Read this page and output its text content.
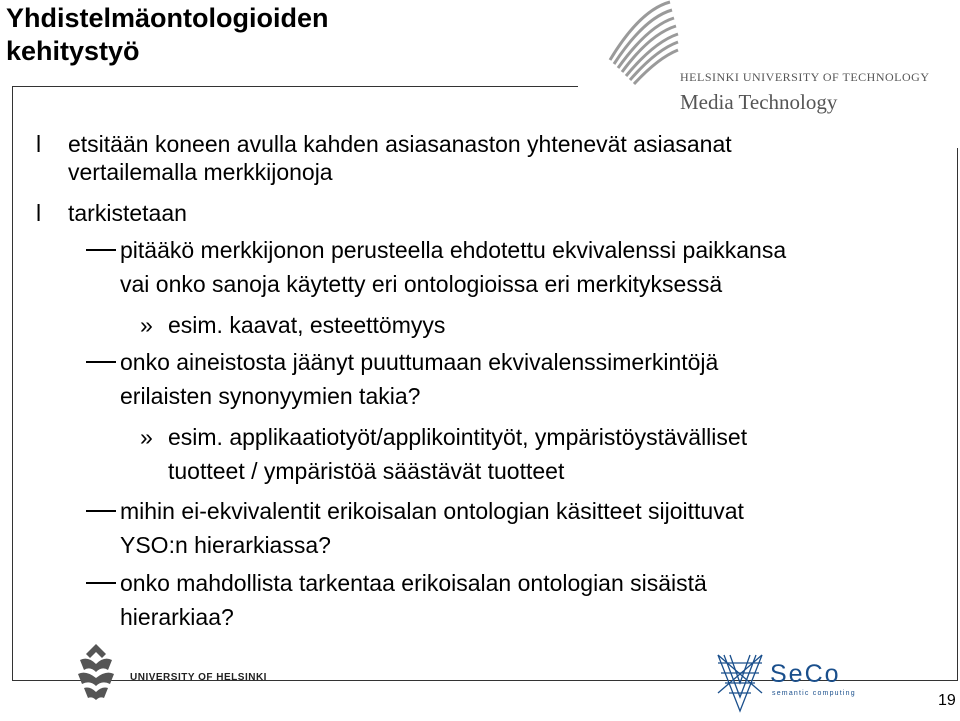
Yhdistelmäontologioiden
kehitystyö
HELSINKI UNIVERSITY OF TECHNOLOGY
Media Technology
l etsitään koneen avulla kahden asiasanaston yhtenevät asiasanat
vertailemalla merkkijonoja
l tarkistetaan
pitääkö merkkijonon perusteella ehdotettu ekvivalenssi paikkansa
vai onko sanoja käytetty eri ontologioissa eri merkityksessä
» esim. kaavat, esteettömyys
onko aineistosta jäänyt puuttumaan ekvivalenssimerkintöjä
erilaisten synonyymien takia?
» esim. applikaatiotyöt/applikointityöt, ympäristöystävälliset
tuotteet / ympäristöä säästävät tuotteet
mihin ei-ekvivalentit erikoisalan ontologian käsitteet sijoittuvat
YSO:n hierarkiassa?
onko mahdollista tarkentaa erikoisalan ontologian sisäistä
hierarkiaa?
UNIVERSITY OF HELSINKI	SeCo
semantic computing	19
